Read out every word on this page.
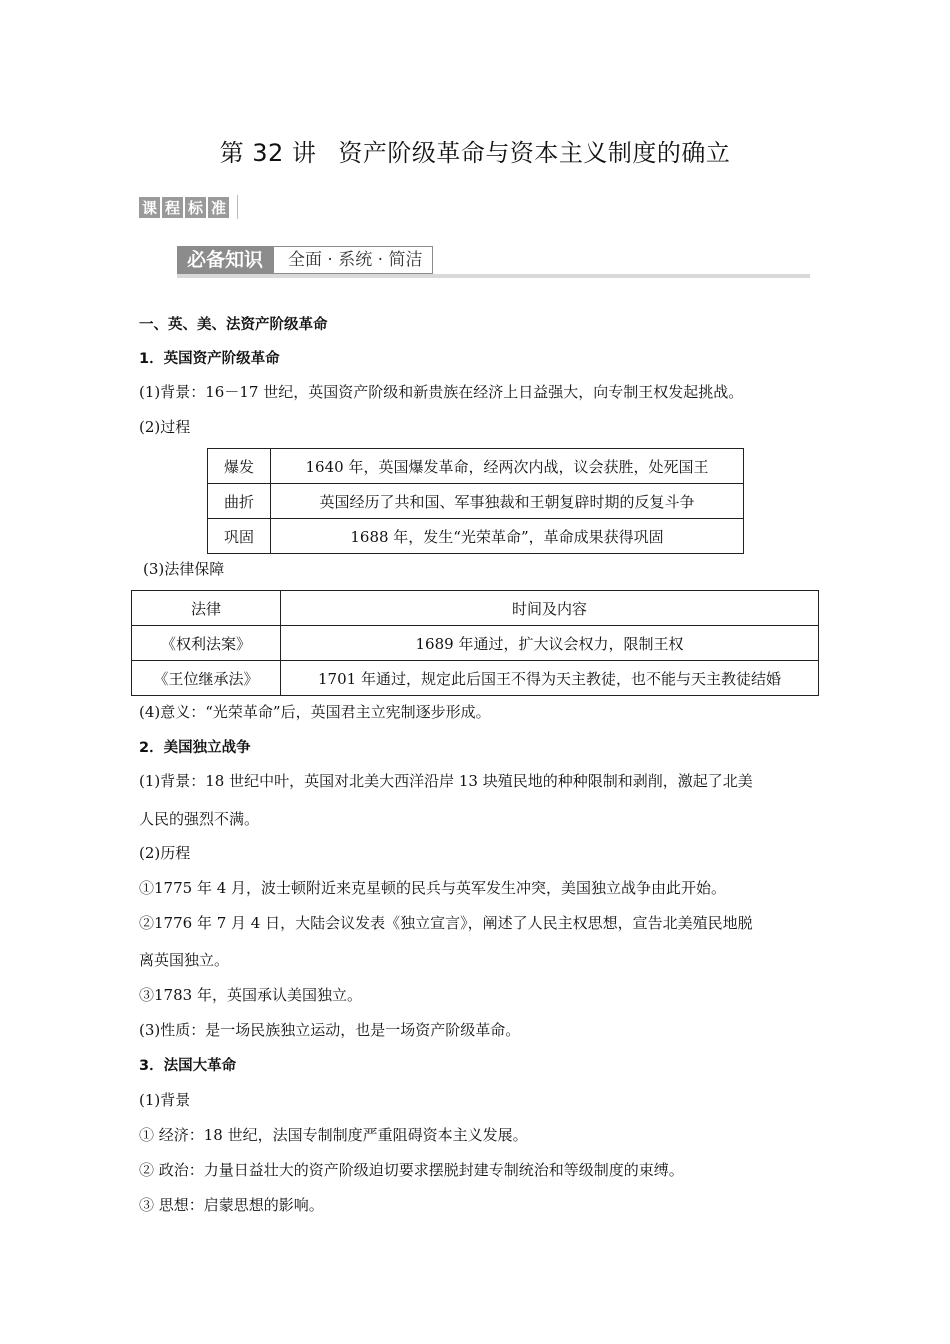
第 32 讲 资产阶级革命与资本主义制度的确立
课 程 标 准
必备知识	全面 · 系统 · 简洁
一、英、美、法资产阶级革命
1．英国资产阶级革命
(1)背景：16－17 世纪，英国资产阶级和新贵族在经济上日益强大，向专制王权发起挑战。
(2)过程
爆发	1640 年，英国爆发革命，经两次内战，议会获胜，处死国王
曲折	英国经历了共和国、军事独裁和王朝复辟时期的反复斗争
巩固	1688 年，发生“光荣革命”，革命成果获得巩固
(3)法律保障
法律	时间及内容
《权利法案》	1689 年通过，扩大议会权力，限制王权
《王位继承法》	1701 年通过，规定此后国王不得为天主教徒，也不能与天主教徒结婚
(4)意义：“光荣革命”后，英国君主立宪制逐步形成。
2．美国独立战争
(1)背景：18 世纪中叶，英国对北美大西洋沿岸 13 块殖民地的种种限制和剥削，激起了北美
人民的强烈不满。
(2)历程
①1775 年 4 月，波士顿附近来克星顿的民兵与英军发生冲突，美国独立战争由此开始。
②1776 年 7 月 4 日，大陆会议发表《独立宣言》，阐述了人民主权思想，宣告北美殖民地脱
离英国独立。
③1783 年，英国承认美国独立。
(3)性质：是一场民族独立运动，也是一场资产阶级革命。
3．法国大革命
(1)背景
① 经济：18 世纪，法国专制制度严重阻碍资本主义发展。
② 政治：力量日益壮大的资产阶级迫切要求摆脱封建专制统治和等级制度的束缚。
③ 思想：启蒙思想的影响。
